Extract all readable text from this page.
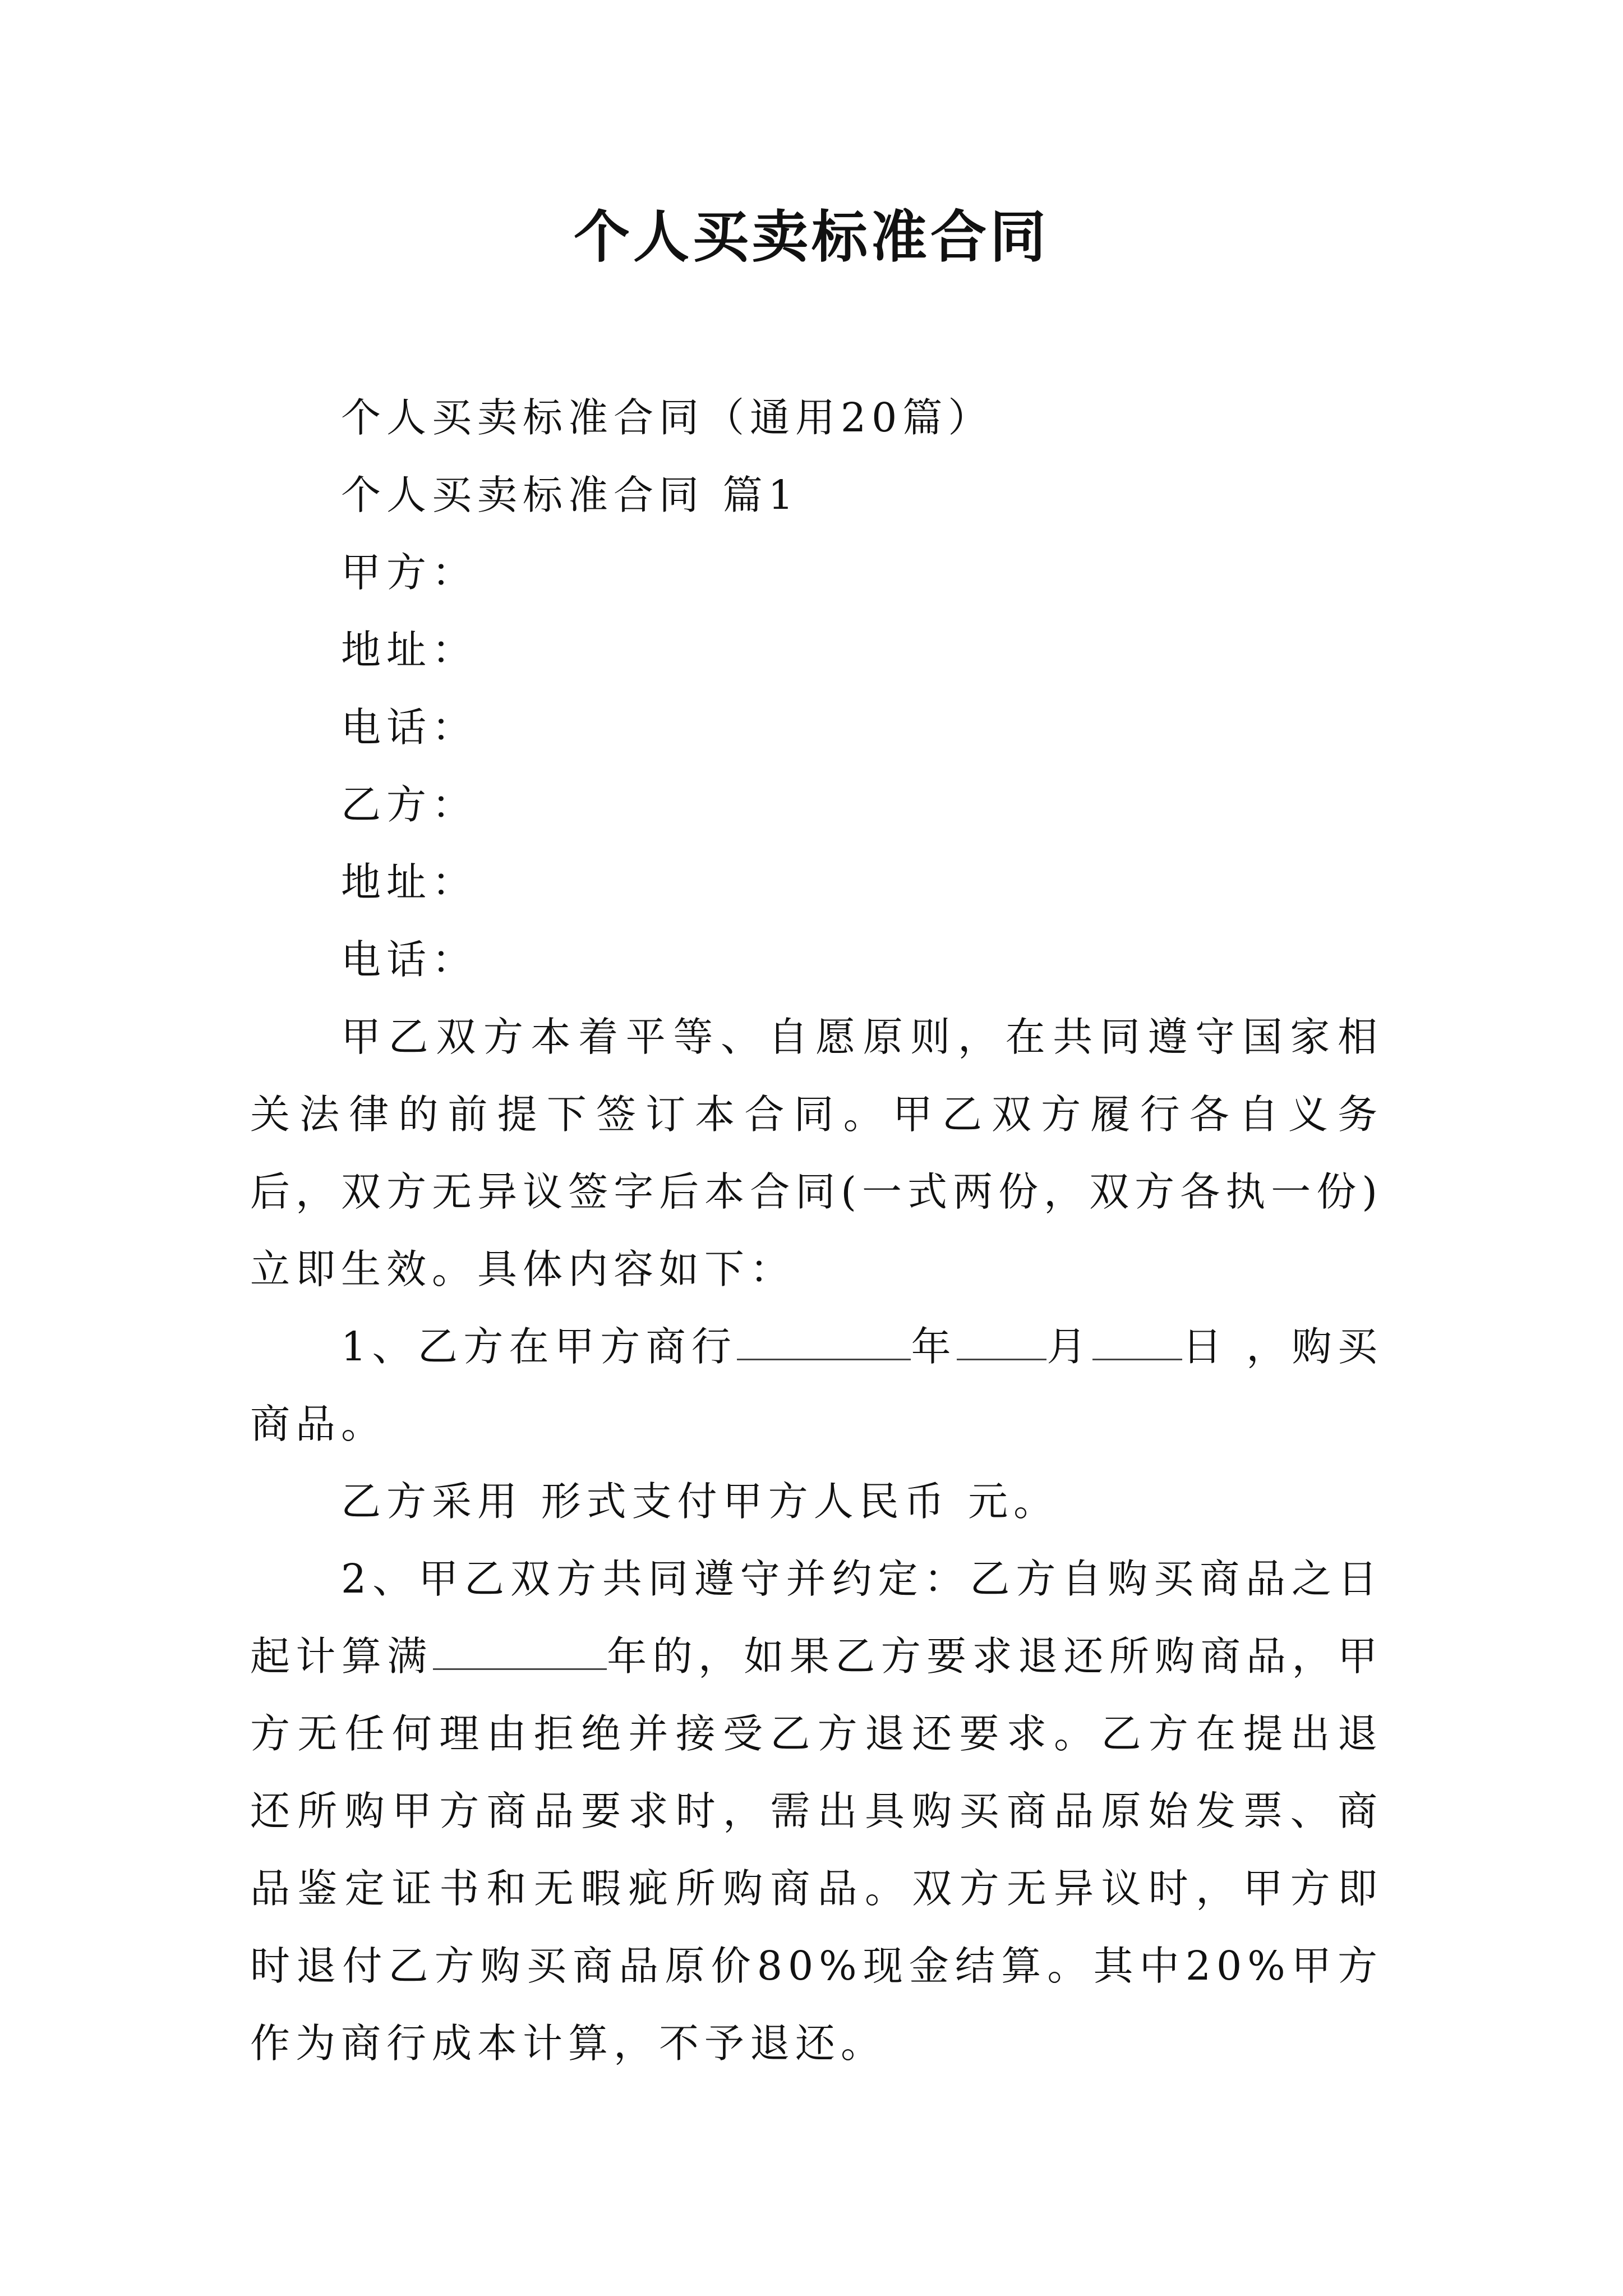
个人买卖标准合同

个人买卖标准合同（通用20篇）

个人买卖标准合同 篇1

甲方：

地址：

电话：

乙方：

地址：

电话：

甲乙双方本着平等、自愿原则，在共同遵守国家相关法律的前提下签订本合同。甲乙双方履行各自义务后，双方无异议签字后本合同(一式两份，双方各执一份)立即生效。具体内容如下：

1、乙方在甲方商行	年 月 日 ，购买商品。

乙方采用 形式支付甲方人民币 元。

2、甲乙双方共同遵守并约定：乙方自购买商品之日起计算满	年的，如果乙方要求退还所购商品，甲方无任何理由拒绝并接受乙方退还要求。乙方在提出退还所购甲方商品要求时，需出具购买商品原始发票、商品鉴定证书和无暇疵所购商品。双方无异议时，甲方即时退付乙方购买商品原价80%现金结算。其中20%甲方作为商行成本计算，不予退还。
